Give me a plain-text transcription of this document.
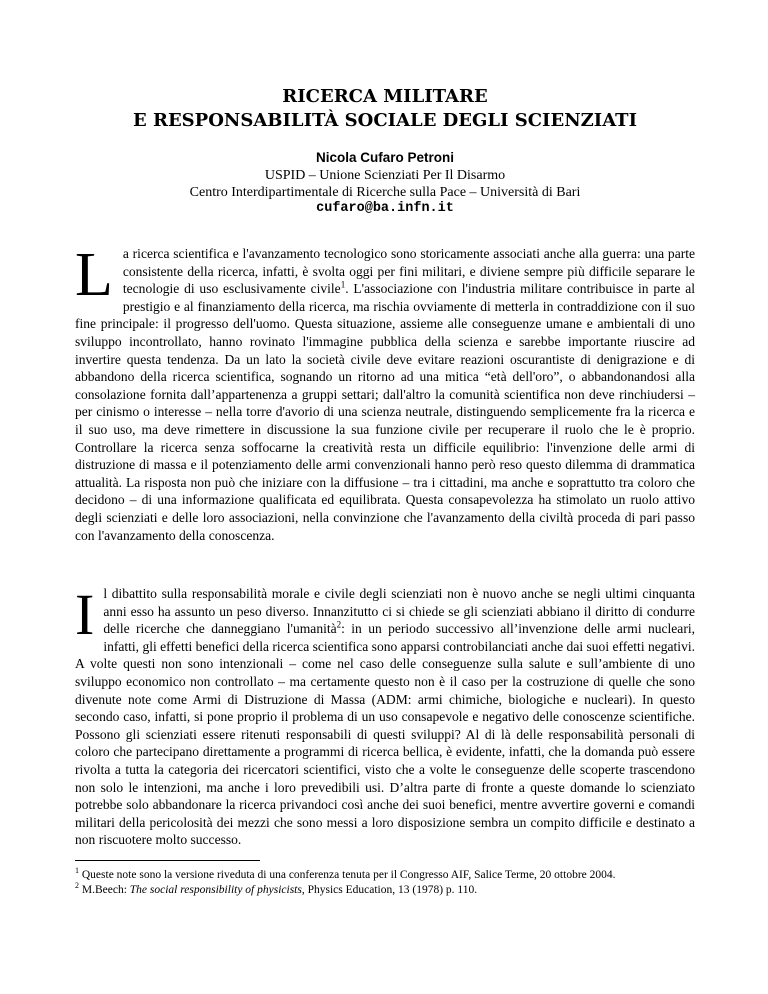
RICERCA MILITARE
E RESPONSABILITÀ SOCIALE DEGLI SCIENZIATI
Nicola Cufaro Petroni
USPID – Unione Scienziati Per Il Disarmo
Centro Interdipartimentale di Ricerche sulla Pace – Università di Bari
cufaro@ba.infn.it
La ricerca scientifica e l'avanzamento tecnologico sono storicamente associati anche alla guerra: una parte consistente della ricerca, infatti, è svolta oggi per fini militari, e diviene sempre più difficile separare le tecnologie di uso esclusivamente civile$^1$. L'associazione con l'industria militare contribuisce in parte al prestigio e al finanziamento della ricerca, ma rischia ovviamente di metterla in contraddizione con il suo fine principale: il progresso dell'uomo. Questa situazione, assieme alle conseguenze umane e ambientali di uno sviluppo incontrollato, hanno rovinato l'immagine pubblica della scienza e sarebbe importante riuscire ad invertire questa tendenza. Da un lato la società civile deve evitare reazioni oscurantiste di denigrazione e di abbandono della ricerca scientifica, sognando un ritorno ad una mitica “età dell'oro”, o abbandonandosi alla consolazione fornita dall’appartenenza a gruppi settari; dall'altro la comunità scientifica non deve rinchiudersi – per cinismo o interesse – nella torre d'avorio di una scienza neutrale, distinguendo semplicemente fra la ricerca e il suo uso, ma deve rimettere in discussione la sua funzione civile per recuperare il ruolo che le è proprio. Controllare la ricerca senza soffocarne la creatività resta un difficile equilibrio: l'invenzione delle armi di distruzione di massa e il potenziamento delle armi convenzionali hanno però reso questo dilemma di drammatica attualità. La risposta non può che iniziare con la diffusione – tra i cittadini, ma anche e soprattutto tra coloro che decidono – di una informazione qualificata ed equilibrata. Questa consapevolezza ha stimolato un ruolo attivo degli scienziati e delle loro associazioni, nella convinzione che l'avanzamento della civiltà proceda di pari passo con l'avanzamento della conoscenza.
Il dibattito sulla responsabilità morale e civile degli scienziati non è nuovo anche se negli ultimi cinquanta anni esso ha assunto un peso diverso. Innanzitutto ci si chiede se gli scienziati abbiano il diritto di condurre delle ricerche che danneggiano l'umanità$^2$: in un periodo successivo all’invenzione delle armi nucleari, infatti, gli effetti benefici della ricerca scientifica sono apparsi controbilanciati anche dai suoi effetti negativi. A volte questi non sono intenzionali – come nel caso delle conseguenze sulla salute e sull’ambiente di uno sviluppo economico non controllato – ma certamente questo non è il caso per la costruzione di quelle che sono divenute note come Armi di Distruzione di Massa (ADM: armi chimiche, biologiche e nucleari). In questo secondo caso, infatti, si pone proprio il problema di un uso consapevole e negativo delle conoscenze scientifiche. Possono gli scienziati essere ritenuti responsabili di questi sviluppi? Al di là delle responsabilità personali di coloro che partecipano direttamente a programmi di ricerca bellica, è evidente, infatti, che la domanda può essere rivolta a tutta la categoria dei ricercatori scientifici, visto che a volte le conseguenze delle scoperte trascendono non solo le intenzioni, ma anche i loro prevedibili usi. D’altra parte di fronte a queste domande lo scienziato potrebbe solo abbandonare la ricerca privandoci così anche dei suoi benefici, mentre avvertire governi e comandi militari della pericolosità dei mezzi che sono messi a loro disposizione sembra un compito difficile e destinato a non riscuotere molto successo.
$^1$ Queste note sono la versione riveduta di una conferenza tenuta per il Congresso AIF, Salice Terme, 20 ottobre 2004.
$^2$ M.Beech: The social responsibility of physicists, Physics Education, 13 (1978) p. 110.
